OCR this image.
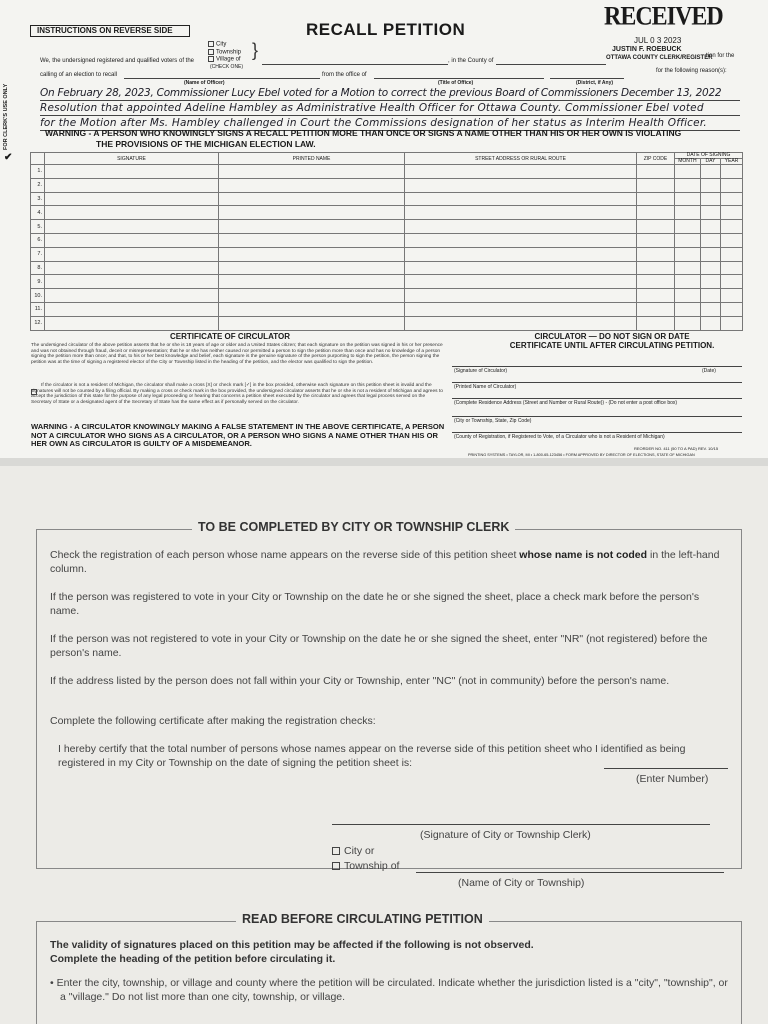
INSTRUCTIONS ON REVERSE SIDE	RECALL PETITION	RECEIVED
JUL 0 3 2023
JUSTIN F. ROEBUCK
OTTAWA COUNTY CLERK/REGISTER
City
Township
Village of
(CHECK ONE)
}
We, the undersigned registered and qualified voters of the	, in the County of
tion for the
for the following reason(s):
calling of an election to recall	from the office of
(Name of Officer)	(Title of Office)	(District, if Any)
On February 28, 2023, Commissioner Lucy Ebel voted for a Motion to correct the previous Board of Commissioners December 13, 2022
Resolution that appointed Adeline Hambley as Administrative Health Officer for Ottawa County. Commissioner Ebel voted
for the Motion after Ms. Hambley challenged in Court the Commissions designation of her status as Interim Health Officer.
FOR CLERK'S USE ONLY	WARNING - A PERSON WHO KNOWINGLY SIGNS A RECALL PETITION MORE THAN ONCE OR SIGNS A NAME OTHER THAN HIS OR HER OWN IS VIOLATING
THE PROVISIONS OF THE MICHIGAN ELECTION LAW.
✔
		SIGNATURE	PRINTED NAME	STREET ADDRESS OR RURAL ROUTE	ZIP CODE	DATE OF SIGNING
MONTH DAY YEAR		

1.							
2.							
3.							
4.							
5.							
6.							
7.							
8.							
9.							
10.							
11.							
12.							
CERTIFICATE OF CIRCULATOR
The undersigned circulator of the above petition asserts that he or she is 18 years of age or older and a United States citizen; that each signature on the petition was signed in his or her presence and was not obtained through fraud, deceit or misrepresentation; that he or she has neither caused nor permitted a person to sign the petition more than once and has no knowledge of a person signing the petition more than once; and that, to his or her best knowledge and belief, each signature is the genuine signature of the person purporting to sign the petition, the person signing the petition was at the time of signing a registered elector of the City or Township listed in the heading of the petition, and the elector was qualified to sign the petition.
If the circulator is not a resident of Michigan, the circulator shall make a cross [X] or check mark [✓] in the box provided, otherwise each signature on this petition sheet is invalid and the signatures will not be counted by a filing official. By making a cross or check mark in the box provided, the undersigned circulator asserts that he or she is not a resident of Michigan and agrees to accept the jurisdiction of this state for the purpose of any legal proceeding or hearing that concerns a petition sheet executed by the circulator and agrees that legal process served on the Secretary of State or a designated agent of the Secretary of State has the same effect as if personally served on the circulator.
WARNING - A CIRCULATOR KNOWINGLY MAKING A FALSE STATEMENT IN THE ABOVE CERTIFICATE, A PERSON NOT A CIRCULATOR WHO SIGNS AS A CIRCULATOR, OR A PERSON WHO SIGNS A NAME OTHER THAN HIS OR HER OWN AS CIRCULATOR IS GUILTY OF A MISDEMEANOR.
CIRCULATOR — DO NOT SIGN OR DATE
CERTIFICATE UNTIL AFTER CIRCULATING PETITION.
(Signature of Circulator)	(Date)
(Printed Name of Circulator)
(Complete Residence Address (Street and Number or Rural Route)) - (Do not enter a post office box)
(City or Township, State, Zip Code)
(County of Registration, if Registered to Vote, of a Circulator who is not a Resident of Michigan)
REORDER NO. 411 (50 TO A PAD) REV. 10/15
PRINTING SYSTEMS • TAYLOR, MI • 1-800-65-123456 • FORM APPROVED BY DIRECTOR OF ELECTIONS, STATE OF MICHIGAN
TO BE COMPLETED BY CITY OR TOWNSHIP CLERK
Check the registration of each person whose name appears on the reverse side of this petition sheet whose name is not coded in the left-hand column.
If the person was registered to vote in your City or Township on the date he or she signed the sheet, place a check mark before the person's name.
If the person was not registered to vote in your City or Township on the date he or she signed the sheet, enter "NR" (not registered) before the person's name.
If the address listed by the person does not fall within your City or Township, enter "NC" (not in community) before the person's name.
Complete the following certificate after making the registration checks:
I hereby certify that the total number of persons whose names appear on the reverse side of this petition sheet who I identified as being registered in my City or Township on the date of signing the petition sheet is:
(Enter Number)
(Signature of City or Township Clerk)
City or
Township of
(Name of City or Township)
READ BEFORE CIRCULATING PETITION
The validity of signatures placed on this petition may be affected if the following is not observed.
Complete the heading of the petition before circulating it.
• Enter the city, township, or village and county where the petition will be circulated. Indicate whether the jurisdiction listed is a "city", "township", or a "village." Do not list more than one city, township, or village.
